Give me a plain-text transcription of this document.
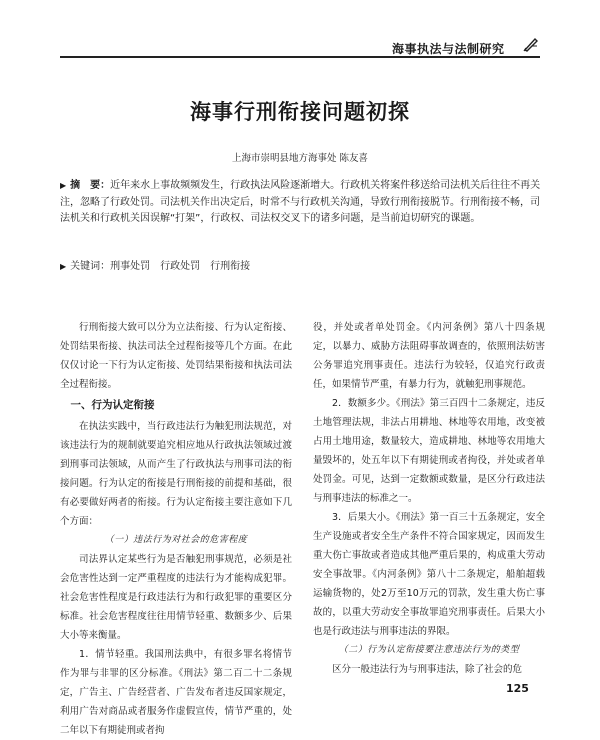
海事执法与法制研究
海事行刑衔接问题初探
上海市崇明县地方海事处 陈友喜
▶ 摘　要：近年来水上事故频频发生，行政执法风险逐渐增大。行政机关将案件移送给司法机关后往往不再关注，忽略了行政处罚。司法机关作出决定后，时常不与行政机关沟通，导致行刑衔接脱节。行刑衔接不畅，司法机关和行政机关因误解“打架”，行政权、司法权交叉下的诸多问题，是当前迫切研究的课题。
▶ 关键词：刑事处罚　行政处罚　行刑衔接

行刑衔接大致可以分为立法衔接、行为认定衔接、处罚结果衔接、执法司法全过程衔接等几个方面。在此仅仅讨论一下行为认定衔接、处罚结果衔接和执法司法全过程衔接。

一、行为认定衔接

在执法实践中，当行政违法行为触犯刑法规范，对该违法行为的规制就要追究相应地从行政执法领域过渡到刑事司法领域，从而产生了行政执法与刑事司法的衔接问题。行为认定的衔接是行刑衔接的前提和基础，很有必要做好两者的衔接。行为认定衔接主要注意如下几个方面：

（一）违法行为对社会的危害程度

司法界认定某些行为是否触犯刑事规范，必须是社会危害性达到一定严重程度的违法行为才能构成犯罪。社会危害性程度是行政违法行为和行政犯罪的重要区分标准。社会危害程度往往用情节轻重、数额多少、后果大小等来衡量。

1．情节轻重。我国刑法典中，有很多罪名将情节作为罪与非罪的区分标准。《刑法》第二百二十二条规定，广告主、广告经营者、广告发布者违反国家规定，利用广告对商品或者服务作虚假宣传，情节严重的，处二年以下有期徒刑或者拘

役，并处或者单处罚金。《内河条例》第八十四条规定，以暴力、威胁方法阻碍事故调查的，依照刑法妨害公务罪追究刑事责任。违法行为较轻，仅追究行政责任，如果情节严重，有暴力行为，就触犯刑事规范。

2．数额多少。《刑法》第三百四十二条规定，违反土地管理法规，非法占用耕地、林地等农用地，改变被占用土地用途，数量较大，造成耕地、林地等农用地大量毁坏的，处五年以下有期徒刑或者拘役，并处或者单处罚金。可见，达到一定数额或数量，是区分行政违法与刑事违法的标准之一。

3．后果大小。《刑法》第一百三十五条规定，安全生产设施或者安全生产条件不符合国家规定，因而发生重大伤亡事故或者造成其他严重后果的，构成重大劳动安全事故罪。《内河条例》第八十二条规定，船舶超载运输货物的，处2万至10万元的罚款，发生重大伤亡事故的，以重大劳动安全事故罪追究刑事责任。后果大小也是行政违法与刑事违法的界限。

（二）行为认定衔接要注意违法行为的类型

区分一般违法行为与刑事违法，除了社会的危

125
